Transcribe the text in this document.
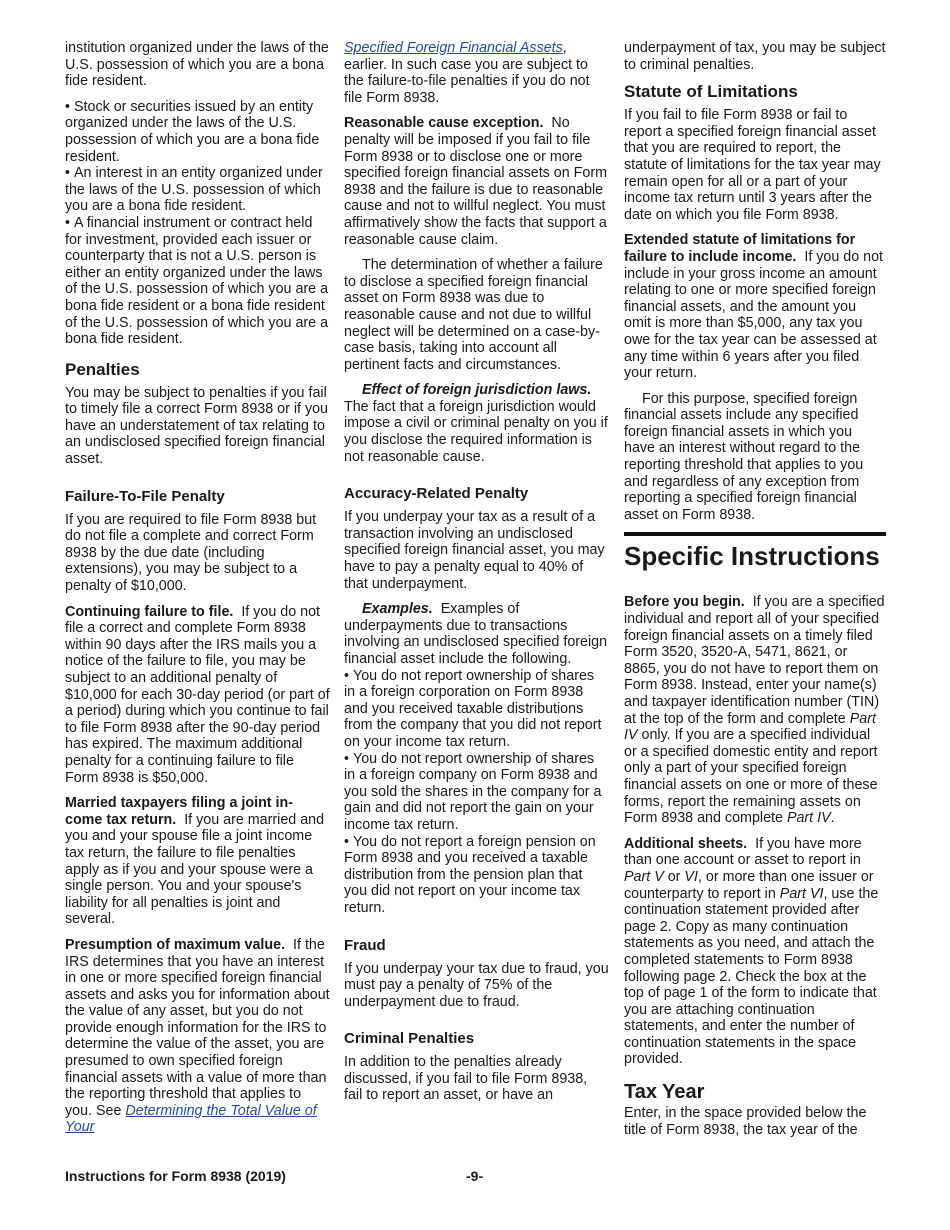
institution organized under the laws of the U.S. possession of which you are a bona fide resident.

• Stock or securities issued by an entity organized under the laws of the U.S. possession of which you are a bona fide resident.

• An interest in an entity organized under the laws of the U.S. possession of which you are a bona fide resident.

• A financial instrument or contract held for investment, provided each issuer or counterparty that is not a U.S. person is either an entity organized under the laws of the U.S. possession of which you are a bona fide resident or a bona fide resident of the U.S. possession of which you are a bona fide resident.

Penalties

You may be subject to penalties if you fail to timely file a correct Form 8938 or if you have an understatement of tax relating to an undisclosed specified foreign financial asset.

Failure-To-File Penalty

If you are required to file Form 8938 but do not file a complete and correct Form 8938 by the due date (including extensions), you may be subject to a penalty of $10,000.

Continuing failure to file. If you do not file a correct and complete Form 8938 within 90 days after the IRS mails you a notice of the failure to file, you may be subject to an additional penalty of $10,000 for each 30-day period (or part of a period) during which you continue to fail to file Form 8938 after the 90-day period has expired. The maximum additional penalty for a continuing failure to file Form 8938 is $50,000.

Married taxpayers filing a joint in-come tax return. If you are married and you and your spouse file a joint income tax return, the failure to file penalties apply as if you and your spouse were a single person. You and your spouse's liability for all penalties is joint and several.

Presumption of maximum value. If the IRS determines that you have an interest in one or more specified foreign financial assets and asks you for information about the value of any asset, but you do not provide enough information for the IRS to determine the value of the asset, you are presumed to own specified foreign financial assets with a value of more than the reporting threshold that applies to you. See Determining the Total Value of Your

Specified Foreign Financial Assets, earlier. In such case you are subject to the failure-to-file penalties if you do not file Form 8938.

Reasonable cause exception. No penalty will be imposed if you fail to file Form 8938 or to disclose one or more specified foreign financial assets on Form 8938 and the failure is due to reasonable cause and not to willful neglect. You must affirmatively show the facts that support a reasonable cause claim.

The determination of whether a failure to disclose a specified foreign financial asset on Form 8938 was due to reasonable cause and not due to willful neglect will be determined on a case-by-case basis, taking into account all pertinent facts and circumstances.

Effect of foreign jurisdiction laws. The fact that a foreign jurisdiction would impose a civil or criminal penalty on you if you disclose the required information is not reasonable cause.

Accuracy-Related Penalty

If you underpay your tax as a result of a transaction involving an undisclosed specified foreign financial asset, you may have to pay a penalty equal to 40% of that underpayment.

Examples. Examples of underpayments due to transactions involving an undisclosed specified foreign financial asset include the following.

• You do not report ownership of shares in a foreign corporation on Form 8938 and you received taxable distributions from the company that you did not report on your income tax return.

• You do not report ownership of shares in a foreign company on Form 8938 and you sold the shares in the company for a gain and did not report the gain on your income tax return.

• You do not report a foreign pension on Form 8938 and you received a taxable distribution from the pension plan that you did not report on your income tax return.

Fraud

If you underpay your tax due to fraud, you must pay a penalty of 75% of the underpayment due to fraud.

Criminal Penalties

In addition to the penalties already discussed, if you fail to file Form 8938, fail to report an asset, or have an

underpayment of tax, you may be subject to criminal penalties.

Statute of Limitations

If you fail to file Form 8938 or fail to report a specified foreign financial asset that you are required to report, the statute of limitations for the tax year may remain open for all or a part of your income tax return until 3 years after the date on which you file Form 8938.

Extended statute of limitations for failure to include income. If you do not include in your gross income an amount relating to one or more specified foreign financial assets, and the amount you omit is more than $5,000, any tax you owe for the tax year can be assessed at any time within 6 years after you filed your return.

For this purpose, specified foreign financial assets include any specified foreign financial assets in which you have an interest without regard to the reporting threshold that applies to you and regardless of any exception from reporting a specified foreign financial asset on Form 8938.

Specific Instructions

Before you begin. If you are a specified individual and report all of your specified foreign financial assets on a timely filed Form 3520, 3520-A, 5471, 8621, or 8865, you do not have to report them on Form 8938. Instead, enter your name(s) and taxpayer identification number (TIN) at the top of the form and complete Part IV only. If you are a specified individual or a specified domestic entity and report only a part of your specified foreign financial assets on one or more of these forms, report the remaining assets on Form 8938 and complete Part IV.

Additional sheets. If you have more than one account or asset to report in Part V or VI, or more than one issuer or counterparty to report in Part VI, use the continuation statement provided after page 2. Copy as many continuation statements as you need, and attach the completed statements to Form 8938 following page 2. Check the box at the top of page 1 of the form to indicate that you are attaching continuation statements, and enter the number of continuation statements in the space provided.

Tax Year

Enter, in the space provided below the title of Form 8938, the tax year of the

Instructions for Form 8938 (2019)	-9-
